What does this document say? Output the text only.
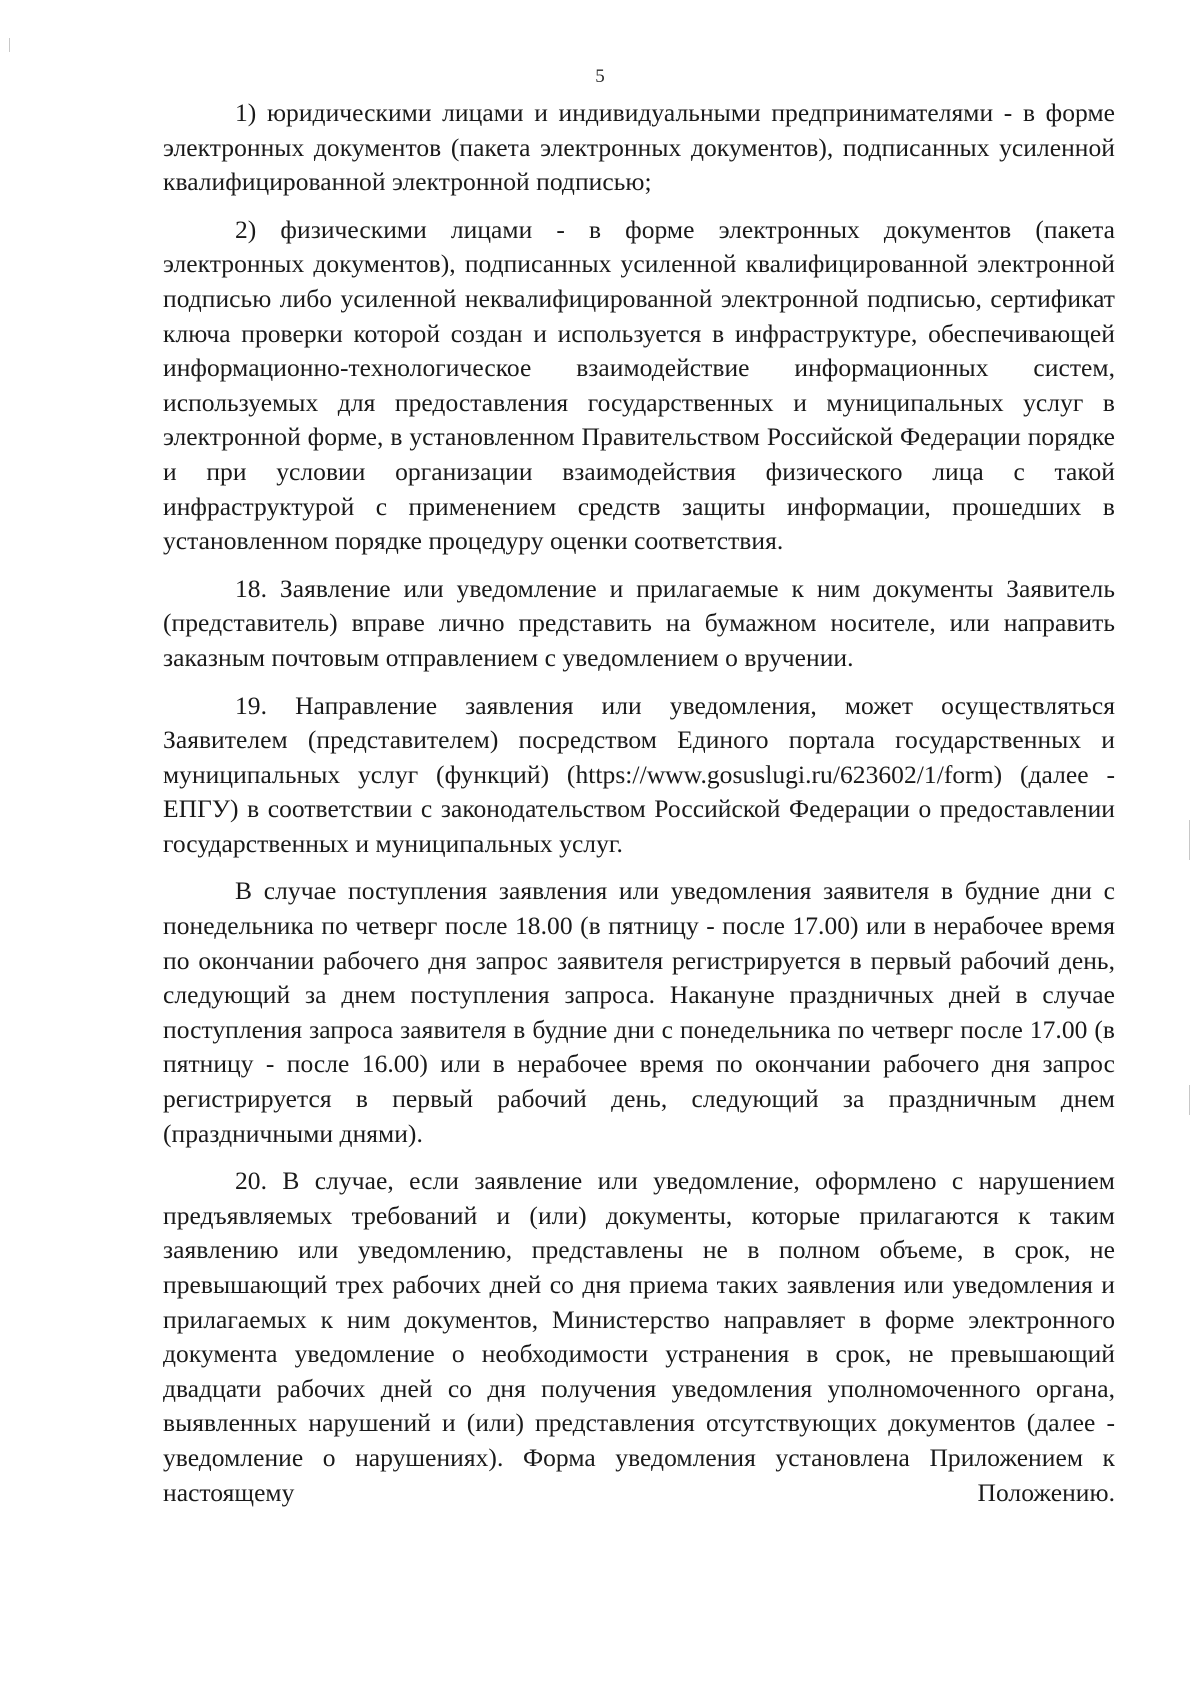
5

1) юридическими лицами и индивидуальными предпринимателями - в форме электронных документов (пакета электронных документов), подписанных усиленной квалифицированной электронной подписью;

2) физическими лицами - в форме электронных документов (пакета электронных документов), подписанных усиленной квалифицированной электронной подписью либо усиленной неквалифицированной электронной подписью, сертификат ключа проверки которой создан и используется в инфраструктуре, обеспечивающей информационно-технологическое взаимодействие информационных систем, используемых для предоставления государственных и муниципальных услуг в электронной форме, в установленном Правительством Российской Федерации порядке и при условии организации взаимодействия физического лица с такой инфраструктурой с применением средств защиты информации, прошедших в установленном порядке процедуру оценки соответствия.

18. Заявление или уведомление и прилагаемые к ним документы Заявитель (представитель) вправе лично представить на бумажном носителе, или направить заказным почтовым отправлением с уведомлением о вручении.

19. Направление заявления или уведомления, может осуществляться Заявителем (представителем) посредством Единого портала государственных и муниципальных услуг (функций) (https://www.gosuslugi.ru/623602/1/form) (далее - ЕПГУ) в соответствии с законодательством Российской Федерации о предоставлении государственных и муниципальных услуг.

В случае поступления заявления или уведомления заявителя в будние дни с понедельника по четверг после 18.00 (в пятницу - после 17.00) или в нерабочее время по окончании рабочего дня запрос заявителя регистрируется в первый рабочий день, следующий за днем поступления запроса. Накануне праздничных дней в случае поступления запроса заявителя в будние дни с понедельника по четверг после 17.00 (в пятницу - после 16.00) или в нерабочее время по окончании рабочего дня запрос регистрируется в первый рабочий день, следующий за праздничным днем (праздничными днями).

20. В случае, если заявление или уведомление, оформлено с нарушением предъявляемых требований и (или) документы, которые прилагаются к таким заявлению или уведомлению, представлены не в полном объеме, в срок, не превышающий трех рабочих дней со дня приема таких заявления или уведомления и прилагаемых к ним документов, Министерство направляет в форме электронного документа уведомление о необходимости устранения в срок, не превышающий двадцати рабочих дней со дня получения уведомления уполномоченного органа, выявленных нарушений и (или) представления отсутствующих документов (далее - уведомление о нарушениях). Форма уведомления установлена Приложением к настоящему Положению.
